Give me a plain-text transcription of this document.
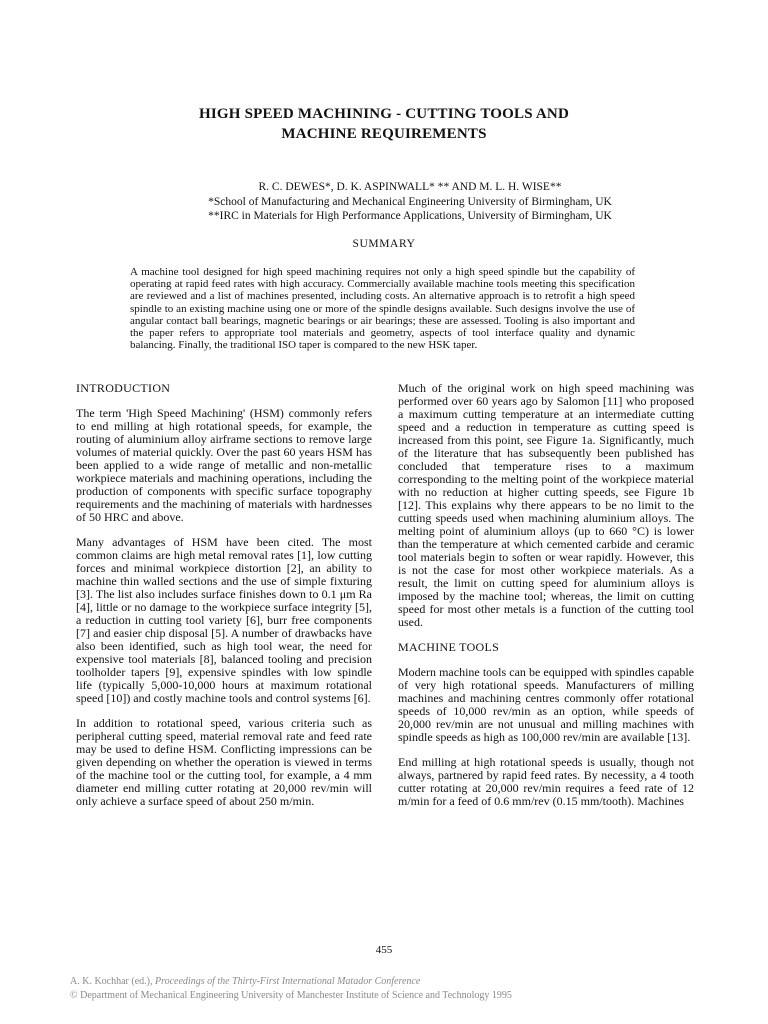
HIGH SPEED MACHINING - CUTTING TOOLS AND
MACHINE REQUIREMENTS
R. C. DEWES*, D. K. ASPINWALL* ** AND M. L. H. WISE**
*School of Manufacturing and Mechanical Engineering University of Birmingham, UK
**IRC in Materials for High Performance Applications, University of Birmingham, UK
SUMMARY

A machine tool designed for high speed machining requires not only a high speed spindle but the capability of operating at rapid feed rates with high accuracy. Commercially available machine tools meeting this specification are reviewed and a list of machines presented, including costs. An alternative approach is to retrofit a high speed spindle to an existing machine using one or more of the spindle designs available. Such designs involve the use of angular contact ball bearings, magnetic bearings or air bearings; these are assessed. Tooling is also important and the paper refers to appropriate tool materials and geometry, aspects of tool interface quality and dynamic balancing. Finally, the traditional ISO taper is compared to the new HSK taper.

INTRODUCTION

The term 'High Speed Machining' (HSM) commonly refers to end milling at high rotational speeds, for example, the routing of aluminium alloy airframe sections to remove large volumes of material quickly. Over the past 60 years HSM has been applied to a wide range of metallic and non-metallic workpiece materials and machining operations, including the production of components with specific surface topography requirements and the machining of materials with hardnesses of 50 HRC and above.

Many advantages of HSM have been cited. The most common claims are high metal removal rates [1], low cutting forces and minimal workpiece distortion [2], an ability to machine thin walled sections and the use of simple fixturing [3]. The list also includes surface finishes down to 0.1 μm Ra [4], little or no damage to the workpiece surface integrity [5], a reduction in cutting tool variety [6], burr free components [7] and easier chip disposal [5]. A number of drawbacks have also been identified, such as high tool wear, the need for expensive tool materials [8], balanced tooling and precision toolholder tapers [9], expensive spindles with low spindle life (typically 5,000-10,000 hours at maximum rotational speed [10]) and costly machine tools and control systems [6].

In addition to rotational speed, various criteria such as peripheral cutting speed, material removal rate and feed rate may be used to define HSM. Conflicting impressions can be given depending on whether the operation is viewed in terms of the machine tool or the cutting tool, for example, a 4 mm diameter end milling cutter rotating at 20,000 rev/min will only achieve a surface speed of about 250 m/min.

Much of the original work on high speed machining was performed over 60 years ago by Salomon [11] who proposed a maximum cutting temperature at an intermediate cutting speed and a reduction in temperature as cutting speed is increased from this point, see Figure 1a. Significantly, much of the literature that has subsequently been published has concluded that temperature rises to a maximum corresponding to the melting point of the workpiece material with no reduction at higher cutting speeds, see Figure 1b [12]. This explains why there appears to be no limit to the cutting speeds used when machining aluminium alloys. The melting point of aluminium alloys (up to 660 °C) is lower than the temperature at which cemented carbide and ceramic tool materials begin to soften or wear rapidly. However, this is not the case for most other workpiece materials. As a result, the limit on cutting speed for aluminium alloys is imposed by the machine tool; whereas, the limit on cutting speed for most other metals is a function of the cutting tool used.

MACHINE TOOLS

Modern machine tools can be equipped with spindles capable of very high rotational speeds. Manufacturers of milling machines and machining centres commonly offer rotational speeds of 10,000 rev/min as an option, while speeds of 20,000 rev/min are not unusual and milling machines with spindle speeds as high as 100,000 rev/min are available [13].

End milling at high rotational speeds is usually, though not always, partnered by rapid feed rates. By necessity, a 4 tooth cutter rotating at 20,000 rev/min requires a feed rate of 12 m/min for a feed of 0.6 mm/rev (0.15 mm/tooth). Machines

455
A. K. Kochhar (ed.), Proceedings of the Thirty-First International Matador Conference
© Department of Mechanical Engineering University of Manchester Institute of Science and Technology 1995
